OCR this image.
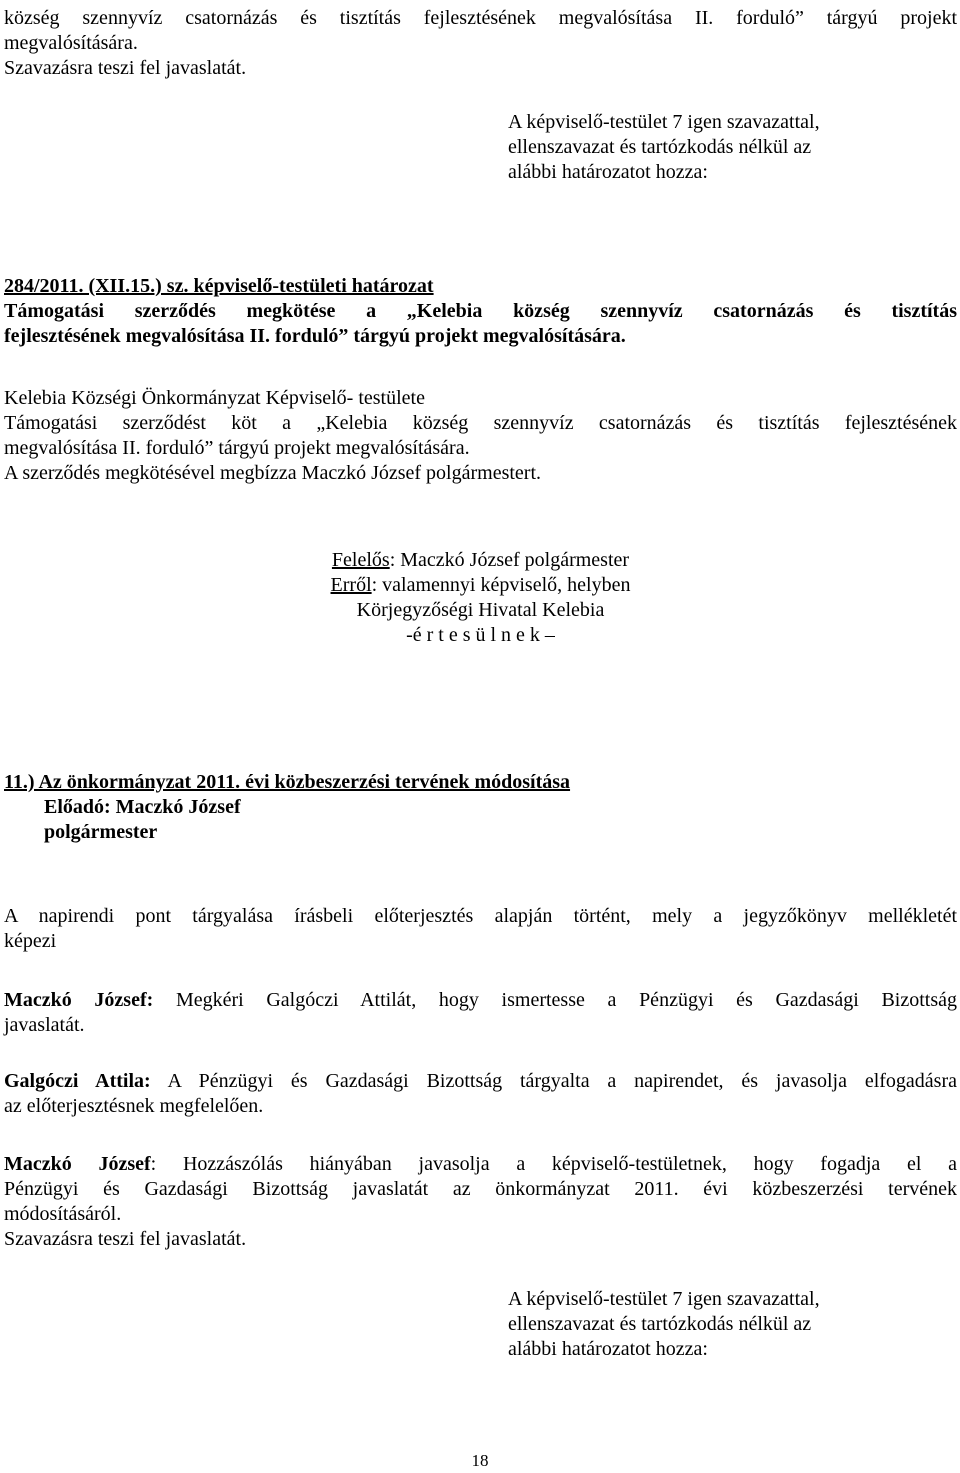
község szennyvíz csatornázás és tisztítás fejlesztésének megvalósítása II. forduló” tárgyú projekt
megvalósítására.
Szavazásra teszi fel javaslatát.
A képviselő-testület 7 igen szavazattal,
ellenszavazat és tartózkodás nélkül az
alábbi határozatot hozza:
284/2011. (XII.15.) sz. képviselő-testületi határozat
Támogatási szerződés megkötése a „Kelebia község szennyvíz csatornázás és tisztítás
fejlesztésének megvalósítása II. forduló” tárgyú projekt megvalósítására.
Kelebia Községi Önkormányzat Képviselő- testülete
Támogatási szerződést köt a „Kelebia község szennyvíz csatornázás és tisztítás fejlesztésének
megvalósítása II. forduló” tárgyú projekt megvalósítására.
A szerződés megkötésével megbízza Maczkó József polgármestert.
Felelős: Maczkó József polgármester
Erről: valamennyi képviselő, helyben
Körjegyzőségi Hivatal Kelebia
-é r t e s ü l n e k –
11.) Az önkormányzat 2011. évi közbeszerzési tervének módosítása
Előadó: Maczkó József
polgármester
A napirendi pont tárgyalása írásbeli előterjesztés alapján történt, mely a jegyzőkönyv mellékletét
képezi
Maczkó József: Megkéri Galgóczi Attilát, hogy ismertesse a Pénzügyi és Gazdasági Bizottság
javaslatát.
Galgóczi Attila: A Pénzügyi és Gazdasági Bizottság tárgyalta a napirendet, és javasolja elfogadásra
az előterjesztésnek megfelelően.
Maczkó József: Hozzászólás hiányában javasolja a képviselő-testületnek, hogy fogadja el a
Pénzügyi és Gazdasági Bizottság javaslatát az önkormányzat 2011. évi közbeszerzési tervének
módosításáról.
Szavazásra teszi fel javaslatát.
A képviselő-testület 7 igen szavazattal,
ellenszavazat és tartózkodás nélkül az
alábbi határozatot hozza:
18
